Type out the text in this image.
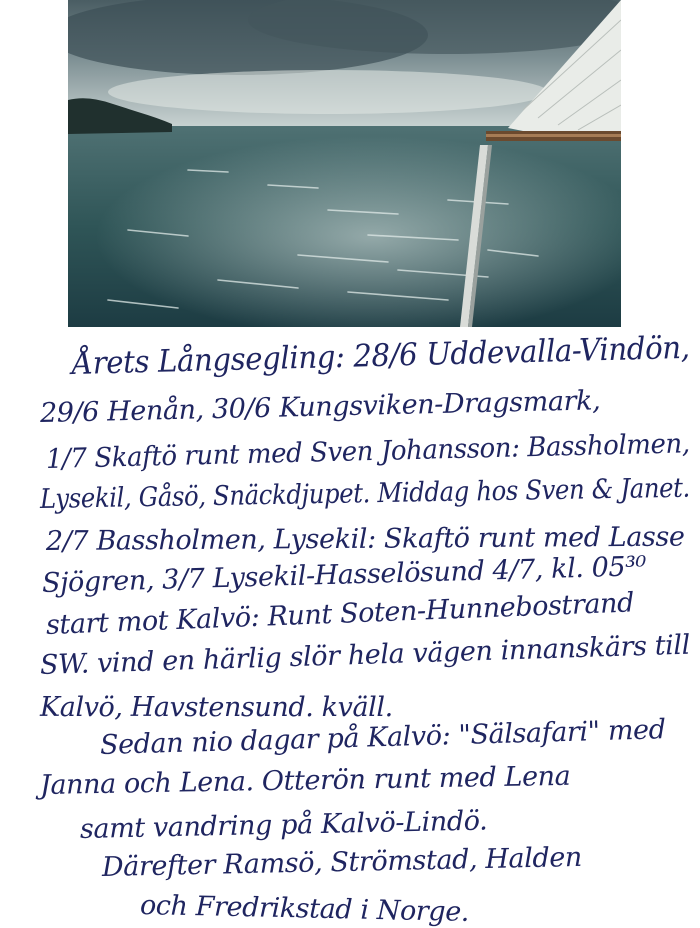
Årets Långsegling: 28/6 Uddevalla-Vindön,
29/6 Henån, 30/6 Kungsviken-Dragsmark,
1/7 Skaftö runt med Sven Johansson: Bassholmen,
Lysekil, Gåsö, Snäckdjupet. Middag hos Sven & Janet.
2/7 Bassholmen, Lysekil: Skaftö runt med Lasse
Sjögren, 3/7 Lysekil-Hasselösund 4/7, kl. 05³⁰
start mot Kalvö: Runt Soten-Hunnebostrand
SW. vind en härlig slör hela vägen innanskärs till
Kalvö, Havstensund. kväll.
Sedan nio dagar på Kalvö: "Sälsafari" med
Janna och Lena. Otterön runt med Lena
samt vandring på Kalvö-Lindö.
Därefter Ramsö, Strömstad, Halden
och Fredrikstad i Norge.
